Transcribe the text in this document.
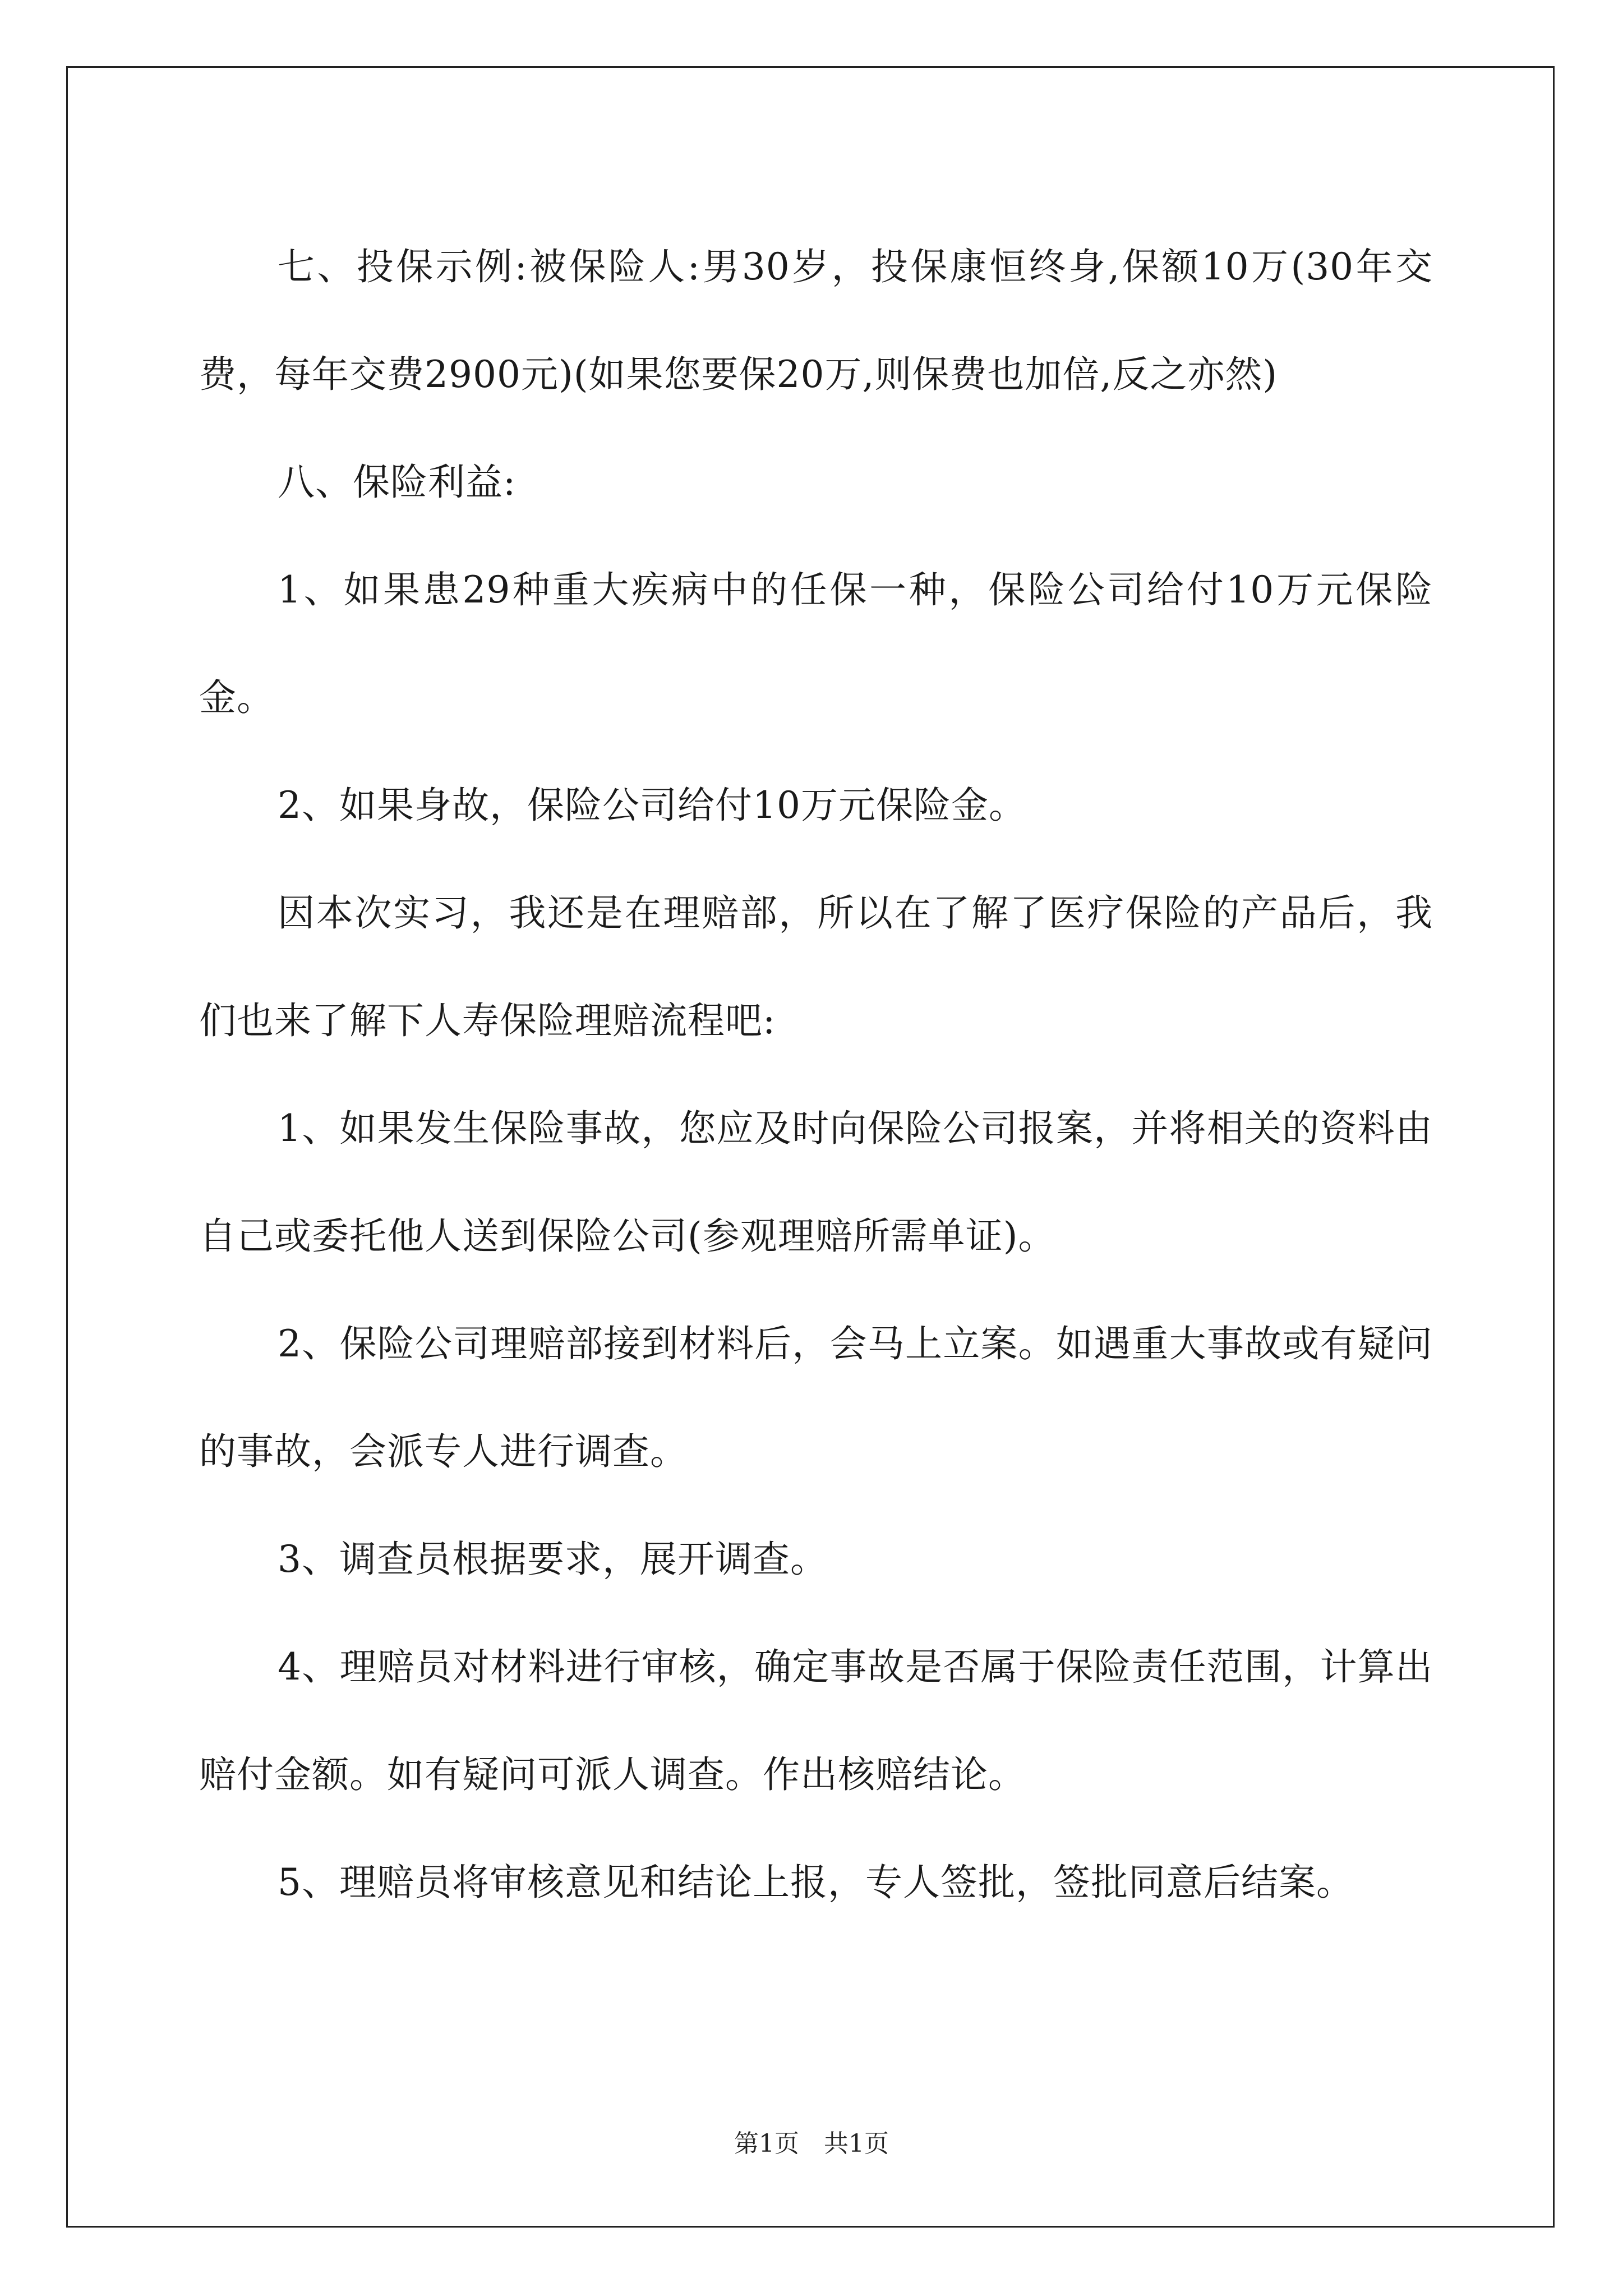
七、投保示例:被保险人:男30岁，投保康恒终身,保额10万(30年交费，每年交费2900元)(如果您要保20万,则保费也加倍,反之亦然)

八、保险利益:

1、如果患29种重大疾病中的任保一种，保险公司给付10万元保险金。

2、如果身故，保险公司给付10万元保险金。

因本次实习，我还是在理赔部，所以在了解了医疗保险的产品后，我们也来了解下人寿保险理赔流程吧:

1、如果发生保险事故，您应及时向保险公司报案，并将相关的资料由自己或委托他人送到保险公司(参观理赔所需单证)。

2、保险公司理赔部接到材料后，会马上立案。如遇重大事故或有疑问的事故，会派专人进行调查。

3、调查员根据要求，展开调查。

4、理赔员对材料进行审核，确定事故是否属于保险责任范围，计算出赔付金额。如有疑问可派人调查。作出核赔结论。

5、理赔员将审核意见和结论上报，专人签批，签批同意后结案。

第1页　共1页
